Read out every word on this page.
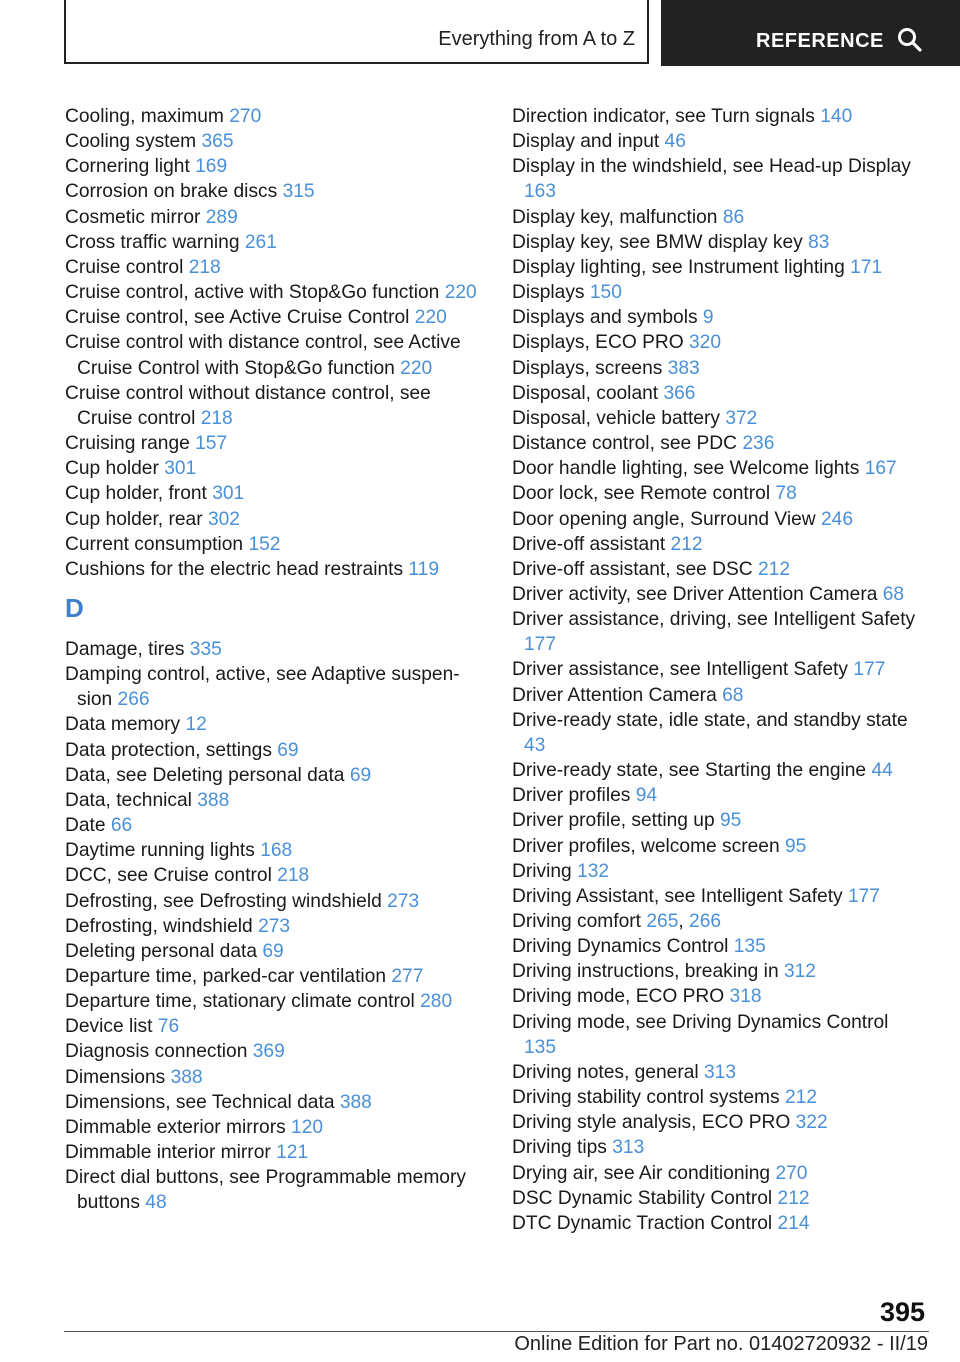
Everything from A to Z	REFERENCE
Cooling, maximum 270
Cooling system 365
Cornering light 169
Corrosion on brake discs 315
Cosmetic mirror 289
Cross traffic warning 261
Cruise control 218
Cruise control, active with Stop&Go function 220
Cruise control, see Active Cruise Control 220
Cruise control with distance control, see Active Cruise Control with Stop&Go function 220
Cruise control without distance control, see Cruise control 218
Cruising range 157
Cup holder 301
Cup holder, front 301
Cup holder, rear 302
Current consumption 152
Cushions for the electric head restraints 119
D
Damage, tires 335
Damping control, active, see Adaptive suspension 266
Data memory 12
Data protection, settings 69
Data, see Deleting personal data 69
Data, technical 388
Date 66
Daytime running lights 168
DCC, see Cruise control 218
Defrosting, see Defrosting windshield 273
Defrosting, windshield 273
Deleting personal data 69
Departure time, parked-car ventilation 277
Departure time, stationary climate control 280
Device list 76
Diagnosis connection 369
Dimensions 388
Dimensions, see Technical data 388
Dimmable exterior mirrors 120
Dimmable interior mirror 121
Direct dial buttons, see Programmable memory buttons 48
Direction indicator, see Turn signals 140
Display and input 46
Display in the windshield, see Head-up Display 163
Display key, malfunction 86
Display key, see BMW display key 83
Display lighting, see Instrument lighting 171
Displays 150
Displays and symbols 9
Displays, ECO PRO 320
Displays, screens 383
Disposal, coolant 366
Disposal, vehicle battery 372
Distance control, see PDC 236
Door handle lighting, see Welcome lights 167
Door lock, see Remote control 78
Door opening angle, Surround View 246
Drive-off assistant 212
Drive-off assistant, see DSC 212
Driver activity, see Driver Attention Camera 68
Driver assistance, driving, see Intelligent Safety 177
Driver assistance, see Intelligent Safety 177
Driver Attention Camera 68
Drive-ready state, idle state, and standby state 43
Drive-ready state, see Starting the engine 44
Driver profiles 94
Driver profile, setting up 95
Driver profiles, welcome screen 95
Driving 132
Driving Assistant, see Intelligent Safety 177
Driving comfort 265, 266
Driving Dynamics Control 135
Driving instructions, breaking in 312
Driving mode, ECO PRO 318
Driving mode, see Driving Dynamics Control 135
Driving notes, general 313
Driving stability control systems 212
Driving style analysis, ECO PRO 322
Driving tips 313
Drying air, see Air conditioning 270
DSC Dynamic Stability Control 212
DTC Dynamic Traction Control 214
395
Online Edition for Part no. 01402720932 - II/19
